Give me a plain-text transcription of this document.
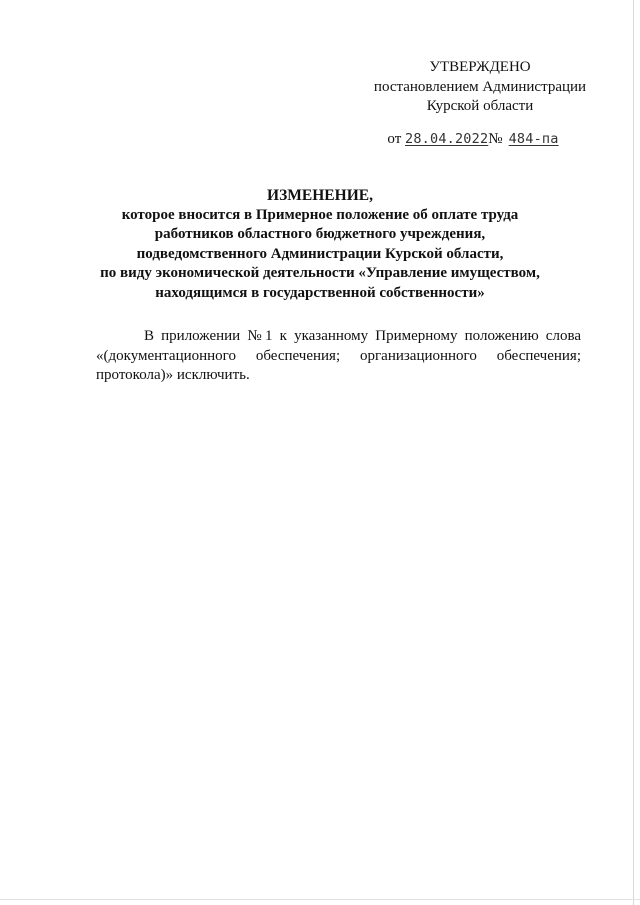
УТВЕРЖДЕНО
постановлением Администрации
Курской области
от 28.04.2022№ 484-па
ИЗМЕНЕНИЕ,
которое вносится в Примерное положение об оплате труда
работников областного бюджетного учреждения,
подведомственного Администрации Курской области,
по виду экономической деятельности «Управление имуществом,
находящимся в государственной собственности»

В приложении №1 к указанному Примерному положению слова «(документационного обеспечения; организационного обеспечения; протокола)» исключить.
